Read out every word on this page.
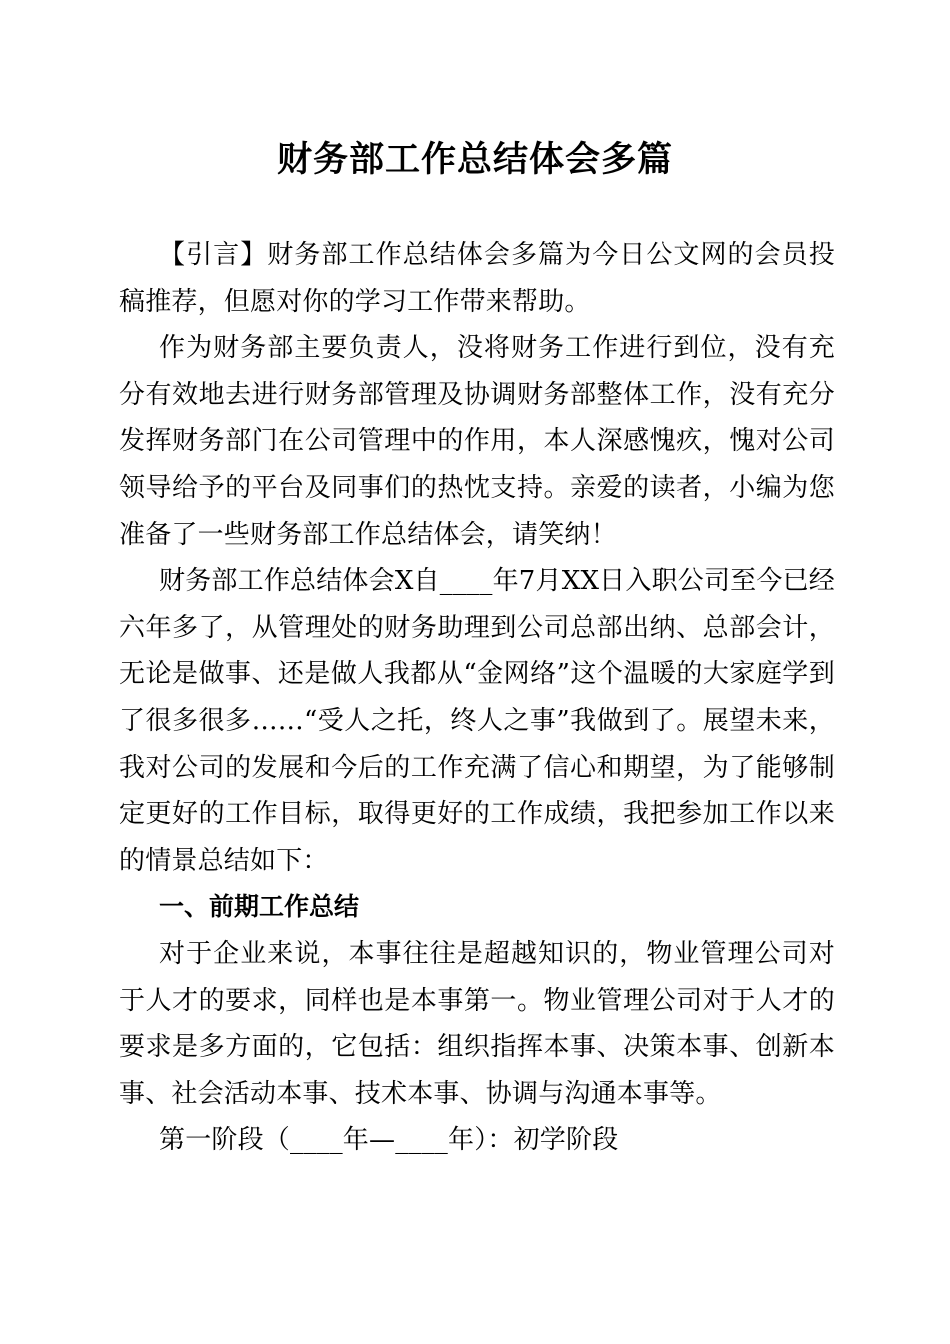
财务部工作总结体会多篇

【引言】财务部工作总结体会多篇为今日公文网的会员投稿推荐，但愿对你的学习工作带来帮助。

作为财务部主要负责人，没将财务工作进行到位，没有充分有效地去进行财务部管理及协调财务部整体工作，没有充分发挥财务部门在公司管理中的作用，本人深感愧疚，愧对公司领导给予的平台及同事们的热忱支持。亲爱的读者，小编为您准备了一些财务部工作总结体会，请笑纳！

财务部工作总结体会X自____年7月XX日入职公司至今已经六年多了，从管理处的财务助理到公司总部出纳、总部会计，无论是做事、还是做人我都从“金网络”这个温暖的大家庭学到了很多很多……“受人之托，终人之事”我做到了。展望未来，我对公司的发展和今后的工作充满了信心和期望，为了能够制定更好的工作目标，取得更好的工作成绩，我把参加工作以来的情景总结如下：

一、前期工作总结

对于企业来说，本事往往是超越知识的，物业管理公司对于人才的要求，同样也是本事第一。物业管理公司对于人才的要求是多方面的，它包括：组织指挥本事、决策本事、创新本事、社会活动本事、技术本事、协调与沟通本事等。

第一阶段（____年—____年）：初学阶段
